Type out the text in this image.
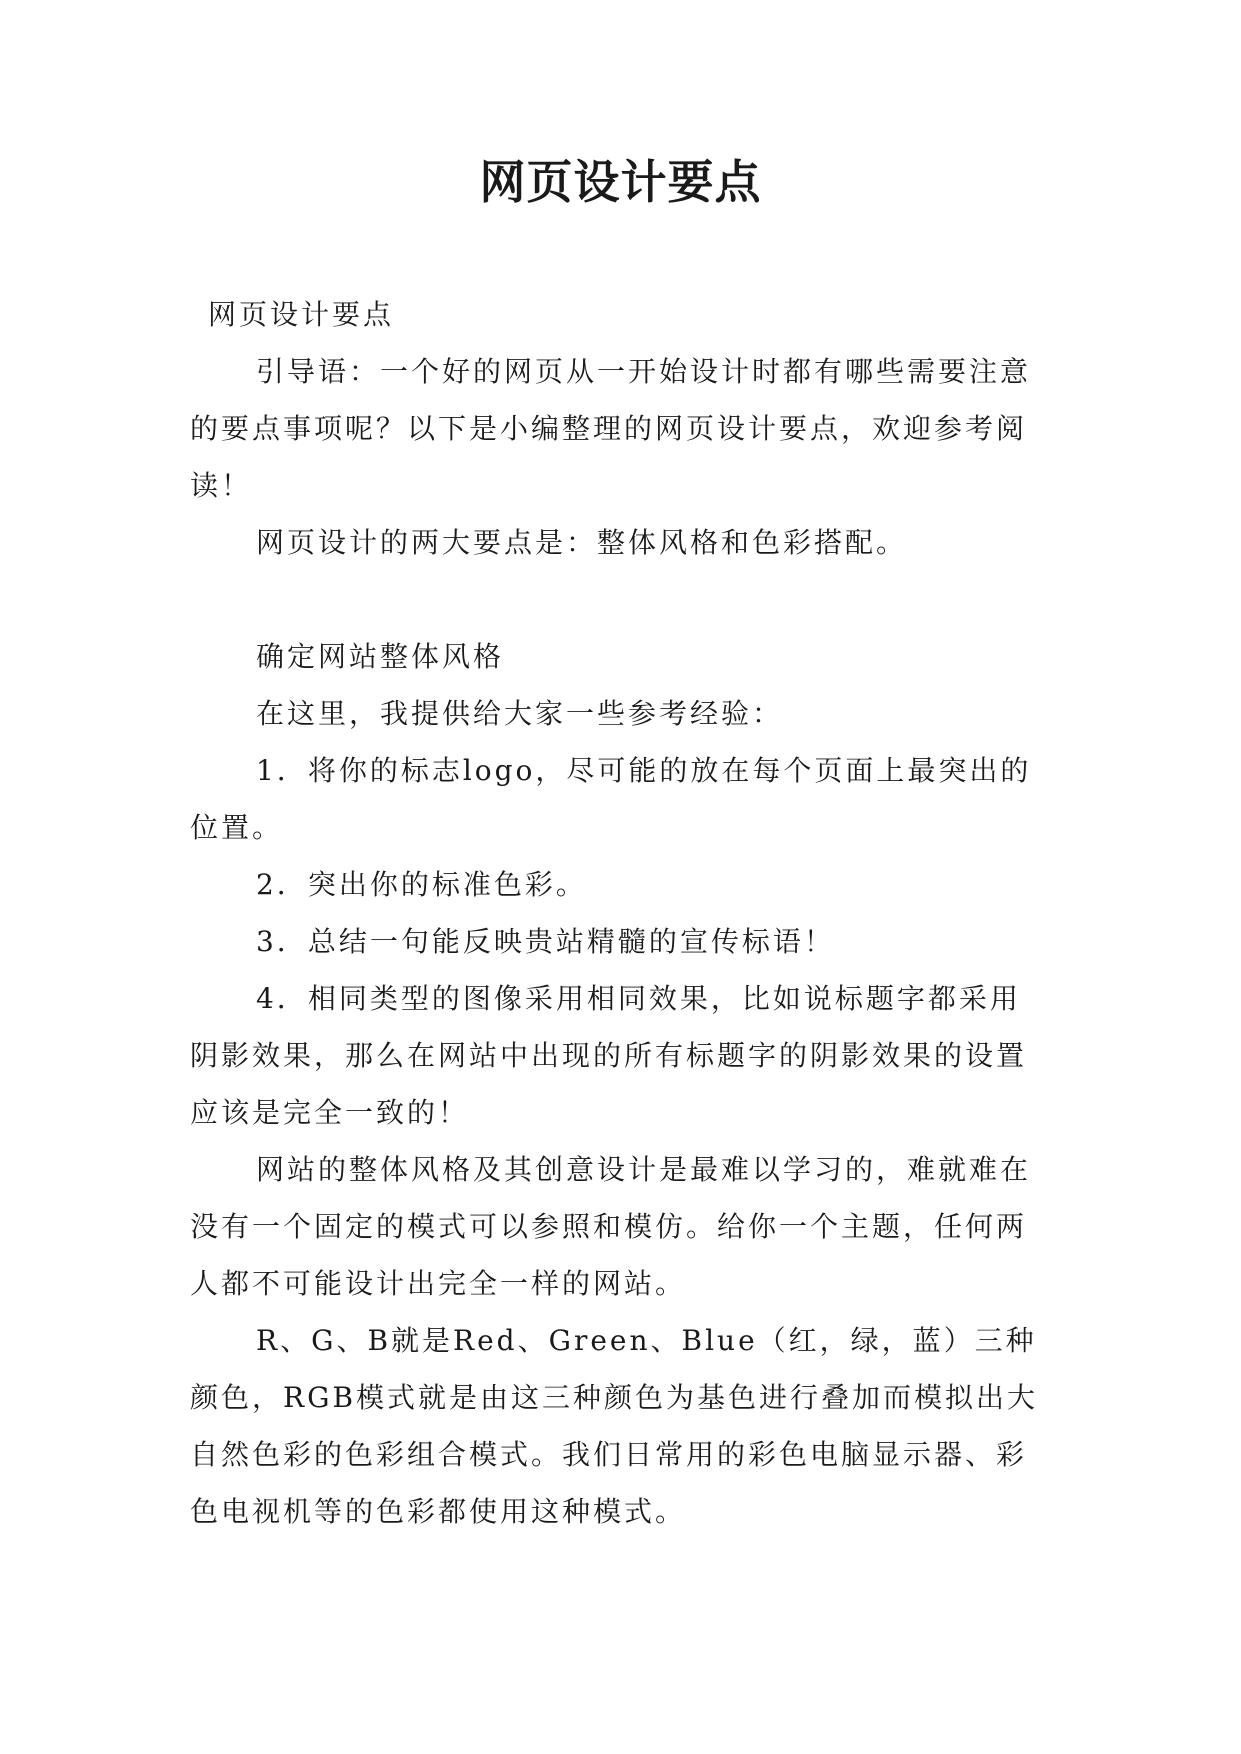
网页设计要点

网页设计要点

引导语：一个好的网页从一开始设计时都有哪些需要注意的要点事项呢？以下是小编整理的网页设计要点，欢迎参考阅读！

网页设计的两大要点是：整体风格和色彩搭配。

确定网站整体风格

在这里，我提供给大家一些参考经验：

1．将你的标志logo，尽可能的放在每个页面上最突出的位置。

2．突出你的标准色彩。

3．总结一句能反映贵站精髓的宣传标语！

4．相同类型的图像采用相同效果，比如说标题字都采用阴影效果，那么在网站中出现的所有标题字的阴影效果的设置应该是完全一致的！

网站的整体风格及其创意设计是最难以学习的，难就难在没有一个固定的模式可以参照和模仿。给你一个主题，任何两人都不可能设计出完全一样的网站。

R、G、B就是Red、Green、Blue（红，绿，蓝）三种颜色，RGB模式就是由这三种颜色为基色进行叠加而模拟出大自然色彩的色彩组合模式。我们日常用的彩色电脑显示器、彩色电视机等的色彩都使用这种模式。
